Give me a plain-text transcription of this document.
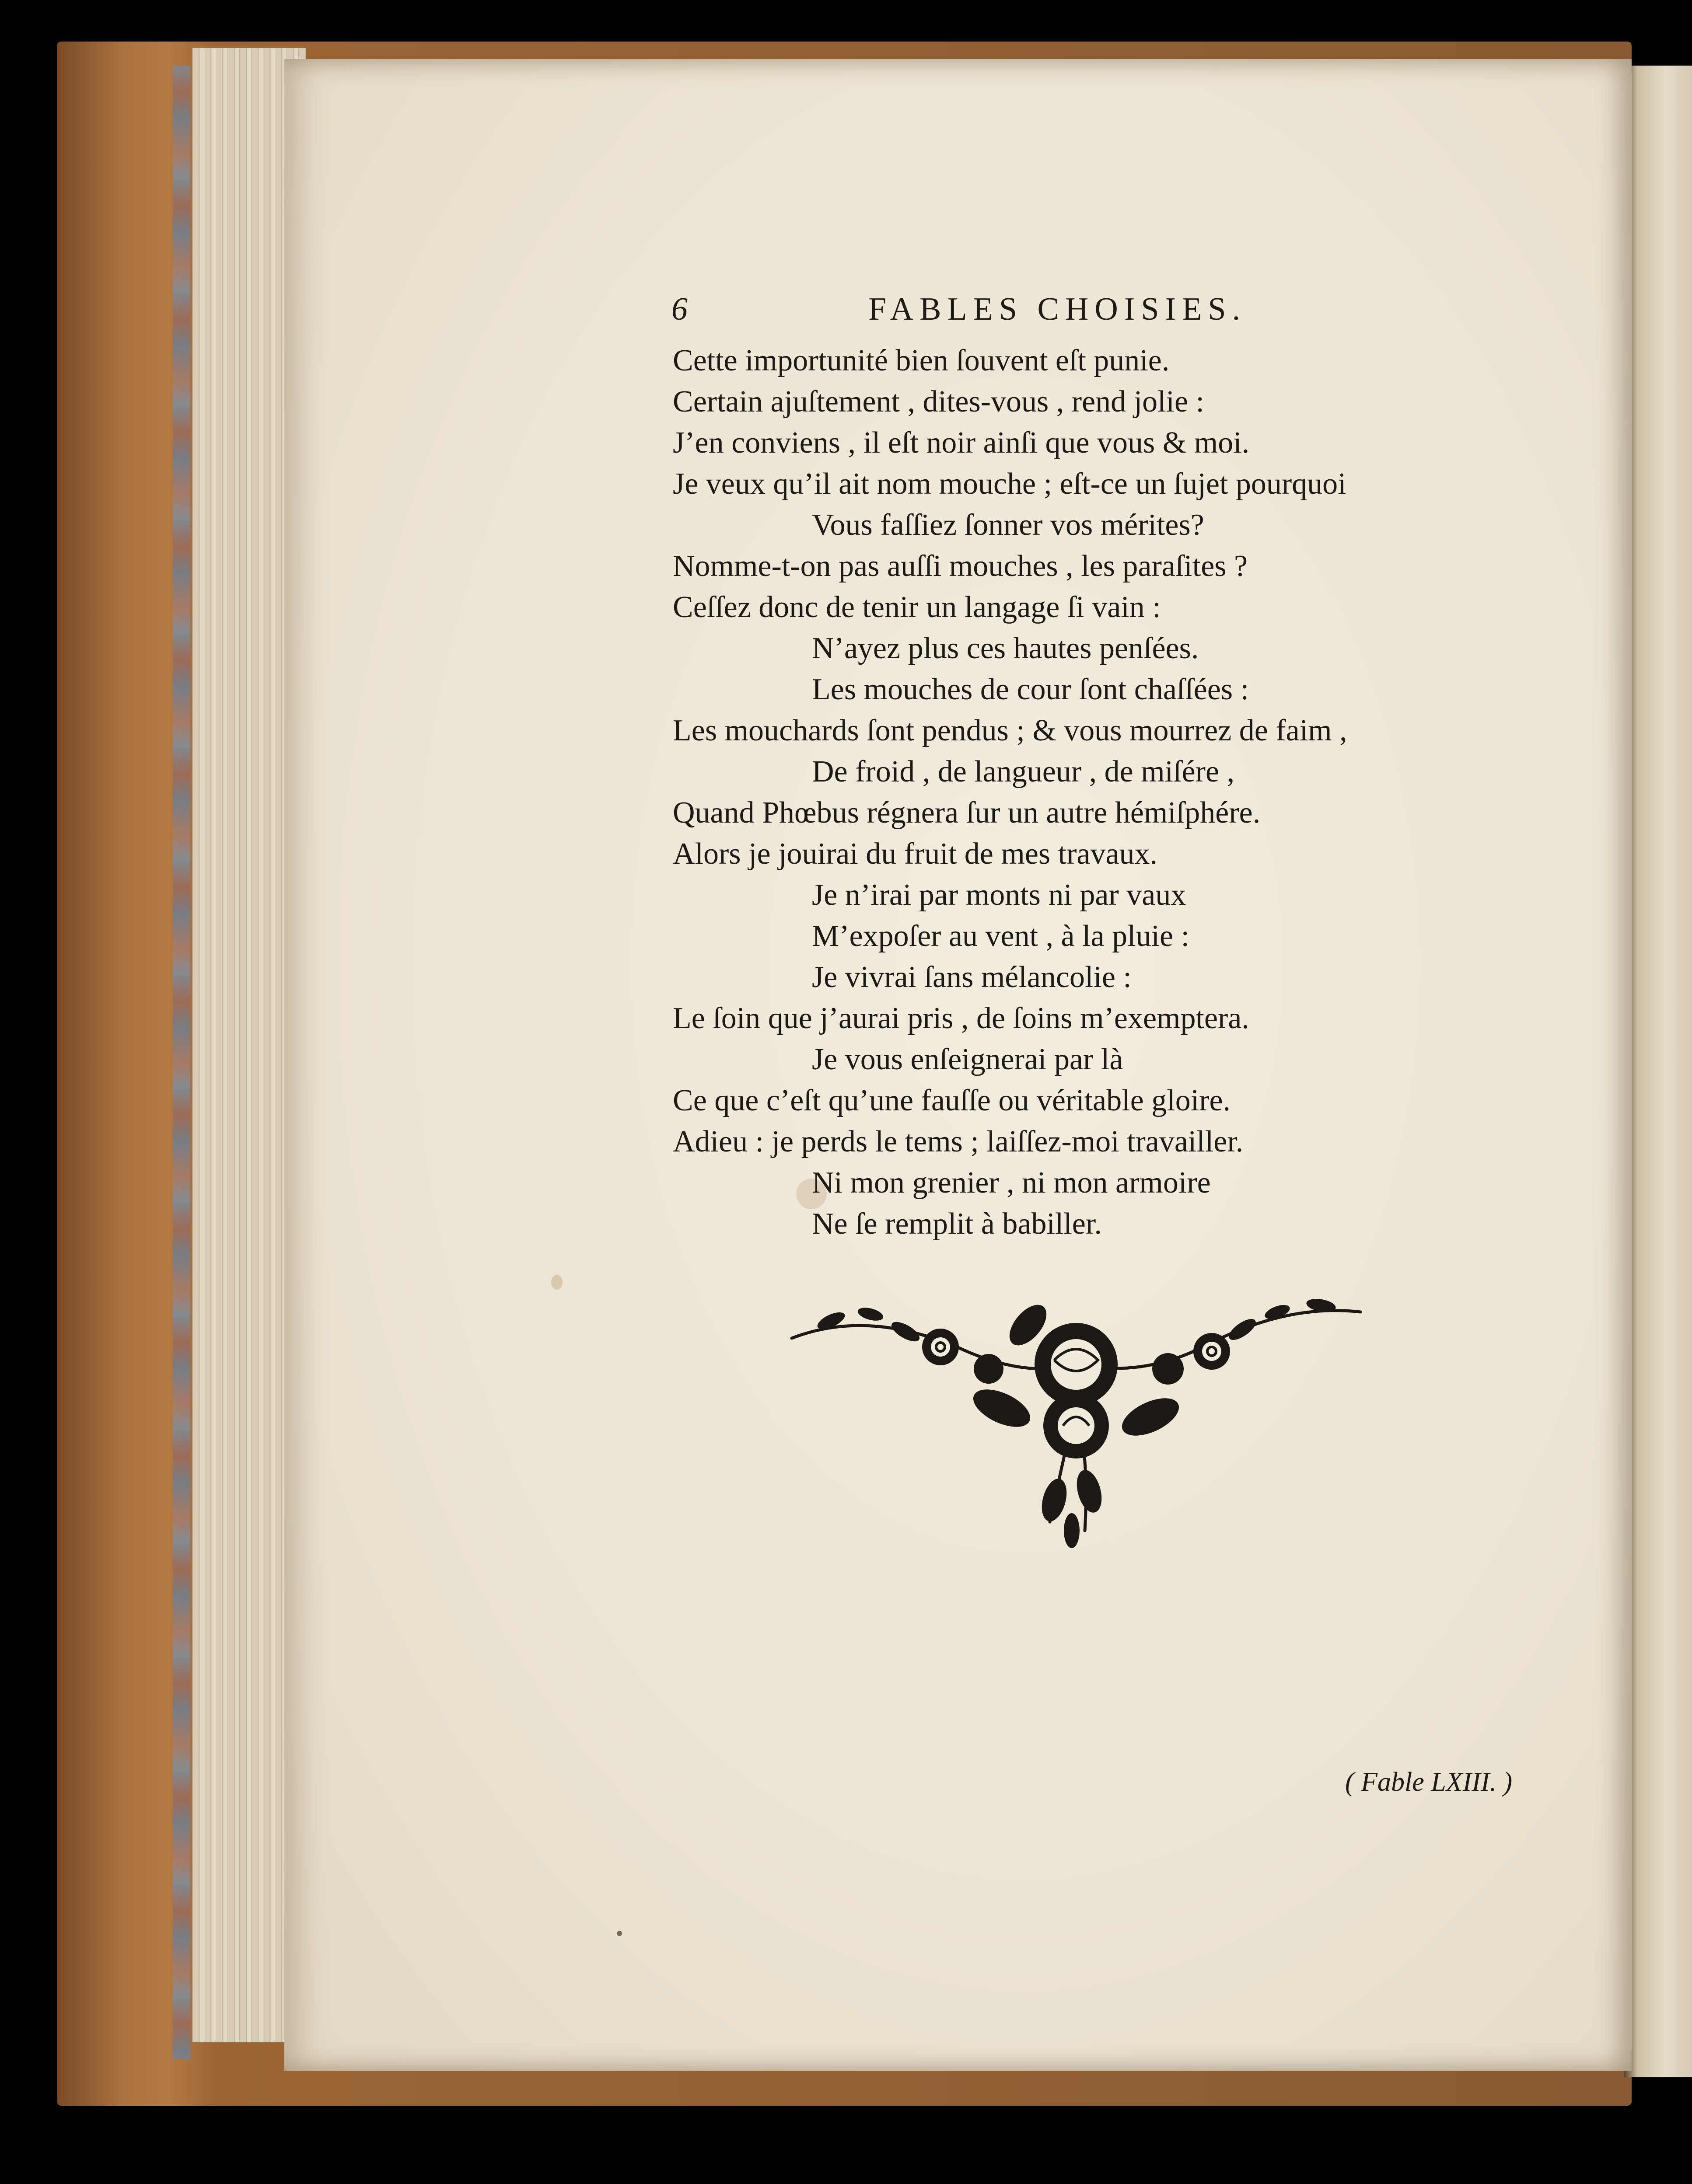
6	FABLES CHOISIES.
Cette importunité bien ſouvent eſt punie.
Certain ajuſtement , dites-vous , rend jolie :
J’en conviens , il eſt noir ainſi que vous & moi.
Je veux qu’il ait nom mouche ; eſt-ce un ſujet pourquoi
Vous faſſiez ſonner vos mérites?
Nomme-t-on pas auſſi mouches , les paraſites ?
Ceſſez donc de tenir un langage ſi vain :
N’ayez plus ces hautes penſées.
Les mouches de cour ſont chaſſées :
Les mouchards ſont pendus ; & vous mourrez de faim ,
De froid , de langueur , de miſére ,
Quand Phœbus régnera ſur un autre hémiſphére.
Alors je jouirai du fruit de mes travaux.
Je n’irai par monts ni par vaux
M’expoſer au vent , à la pluie :
Je vivrai ſans mélancolie :
Le ſoin que j’aurai pris , de ſoins m’exemptera.
Je vous enſeignerai par là
Ce que c’eſt qu’une fauſſe ou véritable gloire.
Adieu : je perds le tems ; laiſſez-moi travailler.
Ni mon grenier , ni mon armoire
Ne ſe remplit à babiller.
( Fable LXIII. )
